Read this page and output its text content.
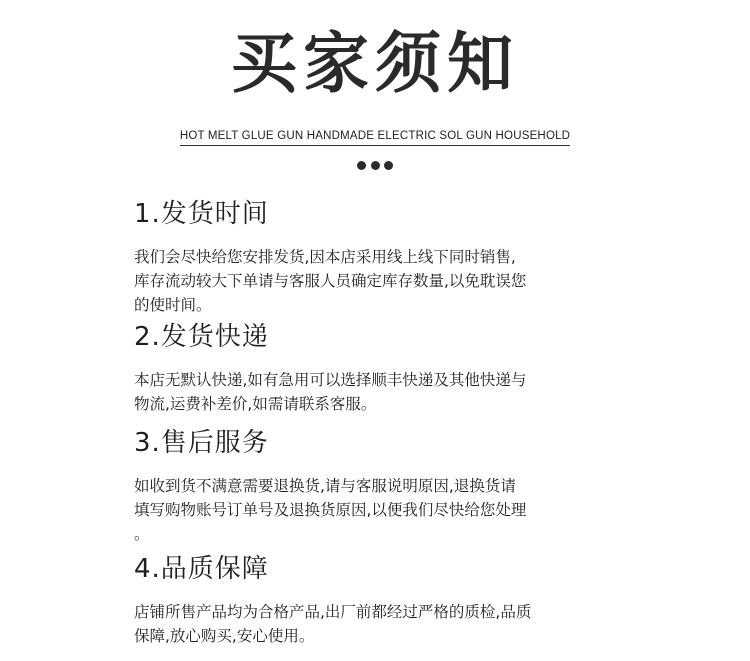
买家须知
HOT MELT GLUE GUN HANDMADE ELECTRIC SOL GUN HOUSEHOLD
1.发货时间
我们会尽快给您安排发货,因本店采用线上线下同时销售,
库存流动较大下单请与客服人员确定库存数量,以免耽误您
的使时间。
2.发货快递
本店无默认快递,如有急用可以选择顺丰快递及其他快递与
物流,运费补差价,如需请联系客服。
3.售后服务
如收到货不满意需要退换货,请与客服说明原因,退换货请
填写购物账号订单号及退换货原因,以便我们尽快给您处理
。
4.品质保障
店铺所售产品均为合格产品,出厂前都经过严格的质检,品质
保障,放心购买,安心使用。
